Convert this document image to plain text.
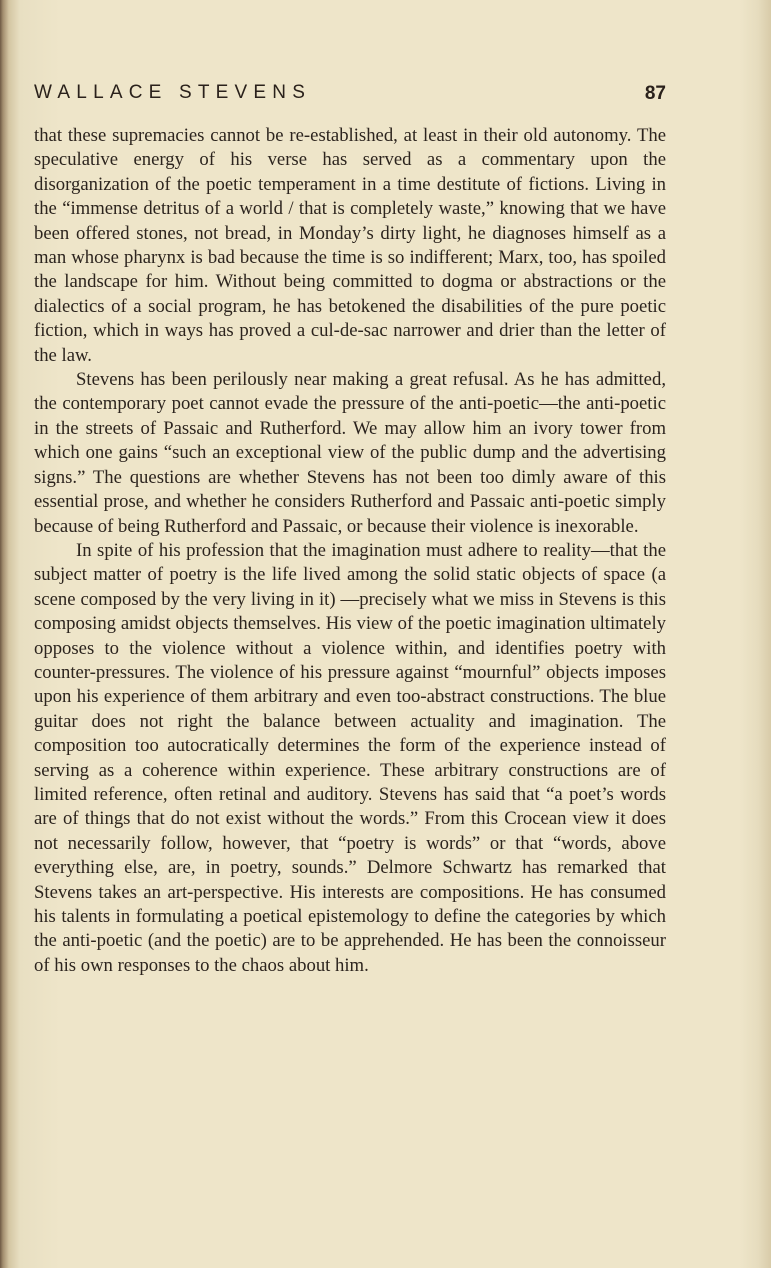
WALLACE STEVENS	87

that these supremacies cannot be re-established, at least in their old autonomy. The speculative energy of his verse has served as a commentary upon the disorganization of the poetic temperament in a time destitute of fictions. Living in the “immense detritus of a world / that is completely waste,” knowing that we have been offered stones, not bread, in Monday’s dirty light, he diagnoses himself as a man whose pharynx is bad because the time is so indifferent; Marx, too, has spoiled the landscape for him. Without being committed to dogma or abstractions or the dialectics of a social program, he has betokened the disabilities of the pure poetic fiction, which in ways has proved a cul-de-sac narrower and drier than the letter of the law.

Stevens has been perilously near making a great refusal. As he has admitted, the contemporary poet cannot evade the pressure of the anti-poetic—the anti-poetic in the streets of Passaic and Rutherford. We may allow him an ivory tower from which one gains “such an exceptional view of the public dump and the advertising signs.” The questions are whether Stevens has not been too dimly aware of this essential prose, and whether he considers Rutherford and Passaic anti-poetic simply because of being Rutherford and Passaic, or because their violence is inexorable.

In spite of his profession that the imagination must adhere to reality—that the subject matter of poetry is the life lived among the solid static objects of space (a scene composed by the very living in it) —precisely what we miss in Stevens is this composing amidst objects themselves. His view of the poetic imagination ultimately opposes to the violence without a violence within, and identifies poetry with counter-pressures. The violence of his pressure against “mournful” objects imposes upon his experience of them arbitrary and even too-abstract constructions. The blue guitar does not right the balance between actuality and imagination. The composition too autocratically determines the form of the experience instead of serving as a coherence within experience. These arbitrary constructions are of limited reference, often retinal and auditory. Stevens has said that “a poet’s words are of things that do not exist without the words.” From this Crocean view it does not necessarily follow, however, that “poetry is words” or that “words, above everything else, are, in poetry, sounds.” Delmore Schwartz has remarked that Stevens takes an art-perspective. His interests are compositions. He has consumed his talents in formulating a poetical epistemology to define the categories by which the anti-poetic (and the poetic) are to be apprehended. He has been the connoisseur of his own responses to the chaos about him.
